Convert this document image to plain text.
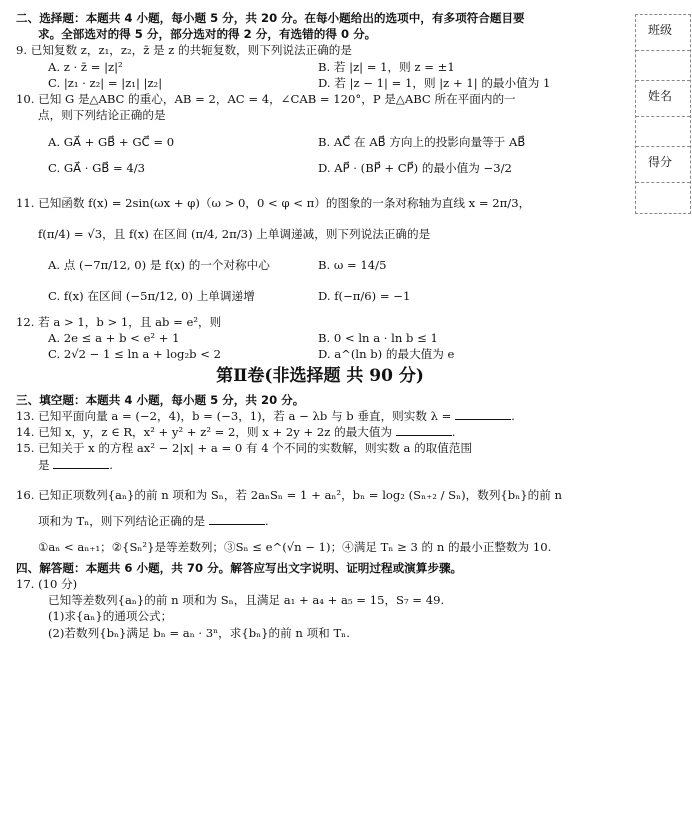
二、选择题：本题共 4 小题，每小题 5 分，共 20 分。在每小题给出的选项中，有多项符合题目要
求。全部选对的得 5 分，部分选对的得 2 分，有选错的得 0 分。
9. 已知复数 z，z₁，z₂，z̄ 是 z 的共轭复数，则下列说法正确的是
A. z · z̄ = |z|²	B. 若 |z| = 1，则 z = ±1
C. |z₁ · z₂| = |z₁| |z₂|	D. 若 |z − 1| = 1，则 |z + 1| 的最小值为 1
10. 已知 G 是△ABC 的重心，AB = 2，AC = 4，∠CAB = 120°，P 是△ABC 所在平面内的一
点，则下列结论正确的是
A. GA⃗ + GB⃗ + GC⃗ = 0	B. AC⃗ 在 AB⃗ 方向上的投影向量等于 AB⃗
C. GA⃗ · GB⃗ = 4/3	D. AP⃗ · (BP⃗ + CP⃗) 的最小值为 −3/2
11. 已知函数 f(x) = 2sin(ωx + φ)（ω > 0，0 < φ < π）的图象的一条对称轴为直线 x = 2π/3，
f(π/4) = √3，且 f(x) 在区间 (π/4, 2π/3) 上单调递减，则下列说法正确的是
A. 点 (−7π/12, 0) 是 f(x) 的一个对称中心	B. ω = 14/5
C. f(x) 在区间 (−5π/12, 0) 上单调递增	D. f(−π/6) = −1
12. 若 a > 1，b > 1，且 ab = e²，则
A. 2e ≤ a + b < e² + 1	B. 0 < ln a · ln b ≤ 1
C. 2√2 − 1 ≤ ln a + log₂b < 2	D. a^(ln b) 的最大值为 e
第Ⅱ卷(非选择题 共 90 分)
三、填空题：本题共 4 小题，每小题 5 分，共 20 分。
13. 已知平面向量 a = (−2，4)，b = (−3，1)，若 a − λb 与 b 垂直，则实数 λ =	.
14. 已知 x，y，z ∈ R，x² + y² + z² = 2，则 x + 2y + 2z 的最大值为	.
15. 已知关于 x 的方程 ax² − 2|x| + a = 0 有 4 个不同的实数解，则实数 a 的取值范围
是	.
16. 已知正项数列{aₙ}的前 n 项和为 Sₙ，若 2aₙSₙ = 1 + aₙ²，bₙ = log₂ (Sₙ₊₂ / Sₙ)，数列{bₙ}的前 n
项和为 Tₙ，则下列结论正确的是	.
①aₙ < aₙ₊₁；②{Sₙ²}是等差数列；③Sₙ ≤ e^(√n − 1)；④满足 Tₙ ≥ 3 的 n 的最小正整数为 10.
四、解答题：本题共 6 小题，共 70 分。解答应写出文字说明、证明过程或演算步骤。
17. (10 分)
已知等差数列{aₙ}的前 n 项和为 Sₙ，且满足 a₁ + a₄ + a₅ = 15，S₇ = 49.
(1)求{aₙ}的通项公式；
(2)若数列{bₙ}满足 bₙ = aₙ · 3ⁿ，求{bₙ}的前 n 项和 Tₙ.
班级
姓名
得分
